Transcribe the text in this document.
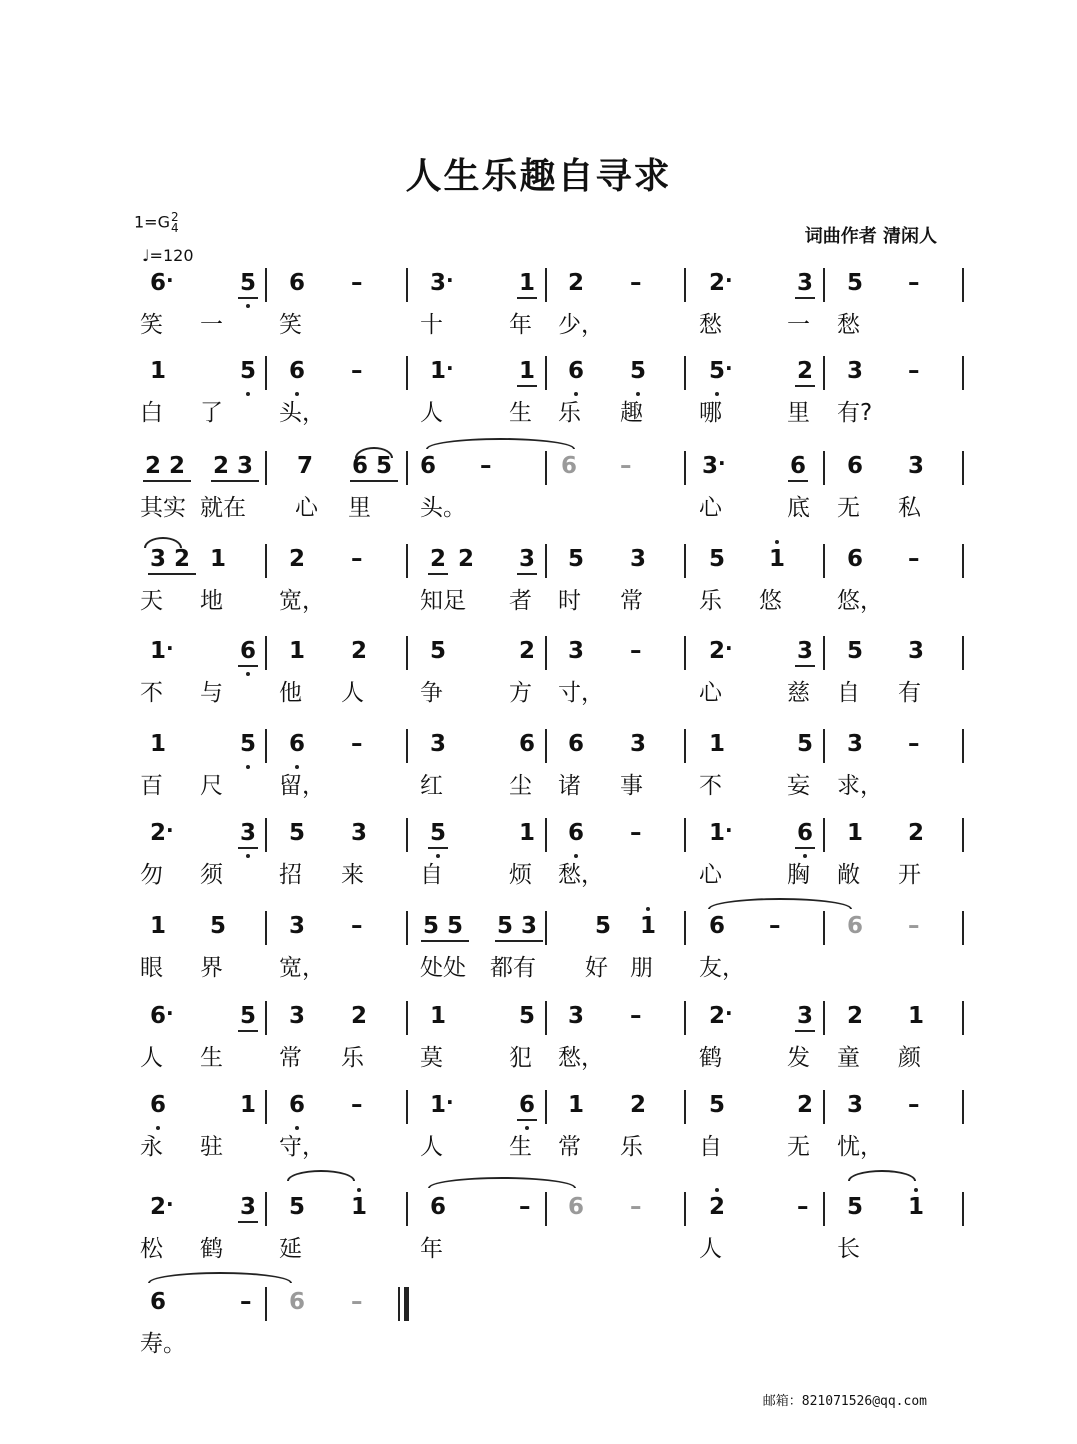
人生乐趣自寻求
1=G2
4
♩=120
词曲作者 清闲人
6 ·	5 6 –	3 ·	1 2 –	2 ·	3 5 –
笑 一 笑	十	年 少，	愁	一 愁
1	5 6 –	1 ·	1 6 5	5 ·	2 3 –
白 了 头，	人	生 乐 趣 哪	里 有?
2 2 2 3 7 6 5 6 –	6 –	3 ·	6 6 3
其实 就在 心 里 头。	心	底 无 私
3 2 1	2 –	2 2 3 5 3	5 1	6 –
天 地 宽，	知足 者 时 常 乐 悠 悠，
1 ·	6 1 2	5	2 3 –	2 ·	3 5 3
不 与 他 人 争	方 寸，	心	慈 自 有
1	5 6 –	3	6 6 3	1	5 3 –
百 尺 留，	红	尘 诸 事 不	妄 求，
2 ·	3 5 3	5	1 6 –	1 ·	6 1 2
勿 须 招 来 自	烦 愁，	心	胸 敞 开
1 5	3 –	5 5 5 3	5 1 6 –	6 –
眼 界 宽，	处处 都有 好 朋 友，
6 ·	5 3 2	1	5 3 –	2 ·	3 2 1
人 生 常 乐 莫	犯 愁，	鹤	发 童 颜
6	1 6 –	1 ·	6 1 2	5	2 3 –
永 驻 守，	人	生 常 乐 自	无 忧，
2 ·	3 5 1	6	– 6 –	2	– 5 1
松 鹤 延	年	人	长
6	– 6 –
寿。
邮箱：821071526@qq.com
